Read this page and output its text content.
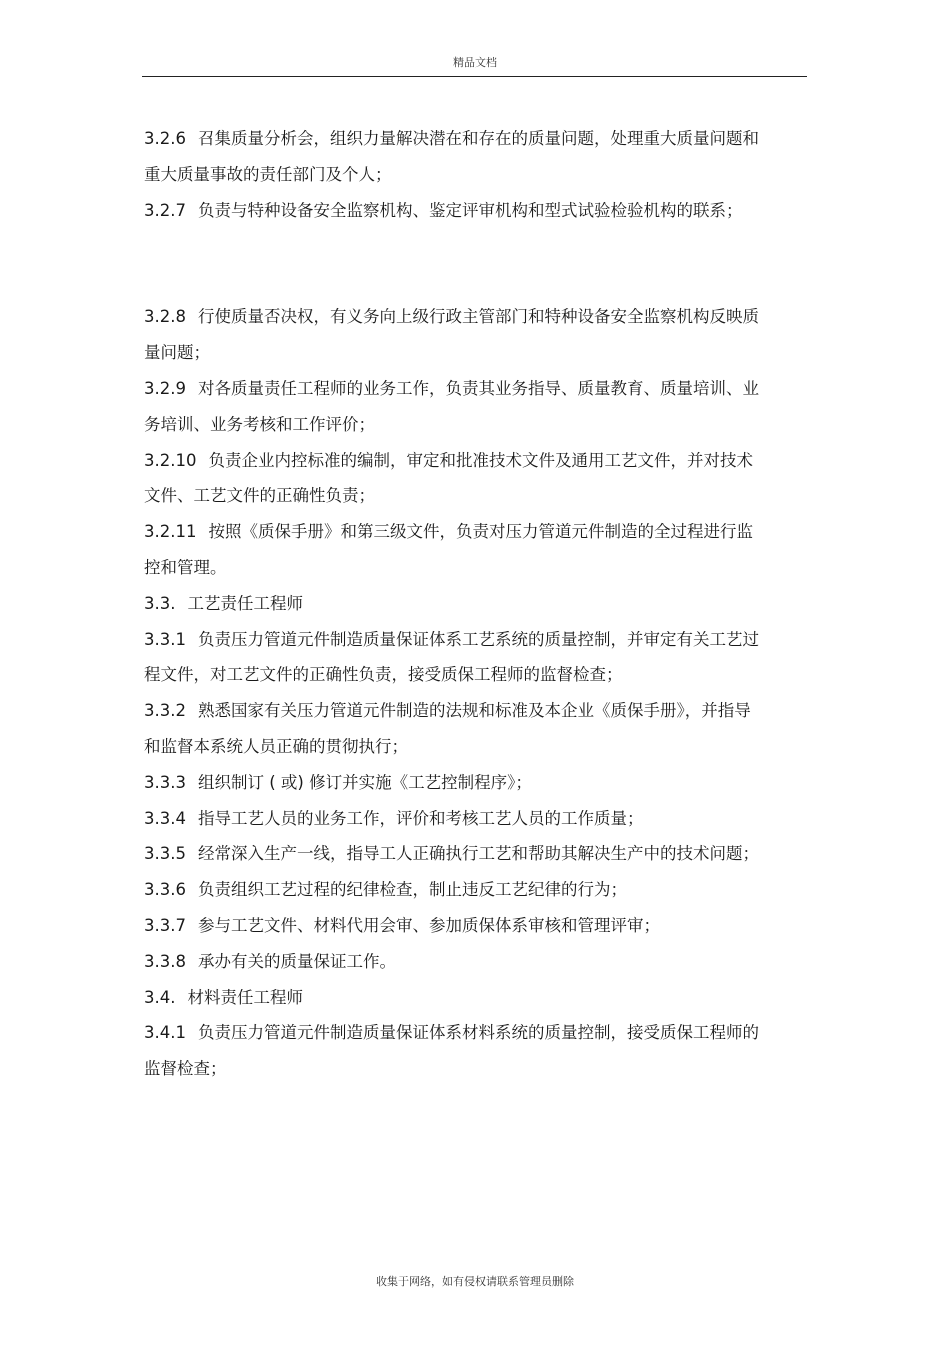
精品文档

3.2.6 召集质量分析会，组织力量解决潜在和存在的质量问题，处理重大质量问题和重大质量事故的责任部门及个人；

3.2.7 负责与特种设备安全监察机构、鉴定评审机构和型式试验检验机构的联系；

3.2.8 行使质量否决权，有义务向上级行政主管部门和特种设备安全监察机构反映质量问题；

3.2.9 对各质量责任工程师的业务工作，负责其业务指导、质量教育、质量培训、业务培训、业务考核和工作评价；

3.2.10 负责企业内控标准的编制，审定和批准技术文件及通用工艺文件，并对技术文件、工艺文件的正确性负责；

3.2.11 按照《质保手册》和第三级文件，负责对压力管道元件制造的全过程进行监控和管理。

3.3. 工艺责任工程师

3.3.1 负责压力管道元件制造质量保证体系工艺系统的质量控制，并审定有关工艺过程文件，对工艺文件的正确性负责，接受质保工程师的监督检查；

3.3.2 熟悉国家有关压力管道元件制造的法规和标准及本企业《质保手册》，并指导和监督本系统人员正确的贯彻执行；

3.3.3 组织制订 ( 或) 修订并实施《工艺控制程序》；

3.3.4 指导工艺人员的业务工作，评价和考核工艺人员的工作质量；

3.3.5 经常深入生产一线，指导工人正确执行工艺和帮助其解决生产中的技术问题；

3.3.6 负责组织工艺过程的纪律检查，制止违反工艺纪律的行为；

3.3.7 参与工艺文件、材料代用会审、参加质保体系审核和管理评审；

3.3.8 承办有关的质量保证工作。

3.4. 材料责任工程师

3.4.1 负责压力管道元件制造质量保证体系材料系统的质量控制，接受质保工程师的监督检查；

收集于网络，如有侵权请联系管理员删除
